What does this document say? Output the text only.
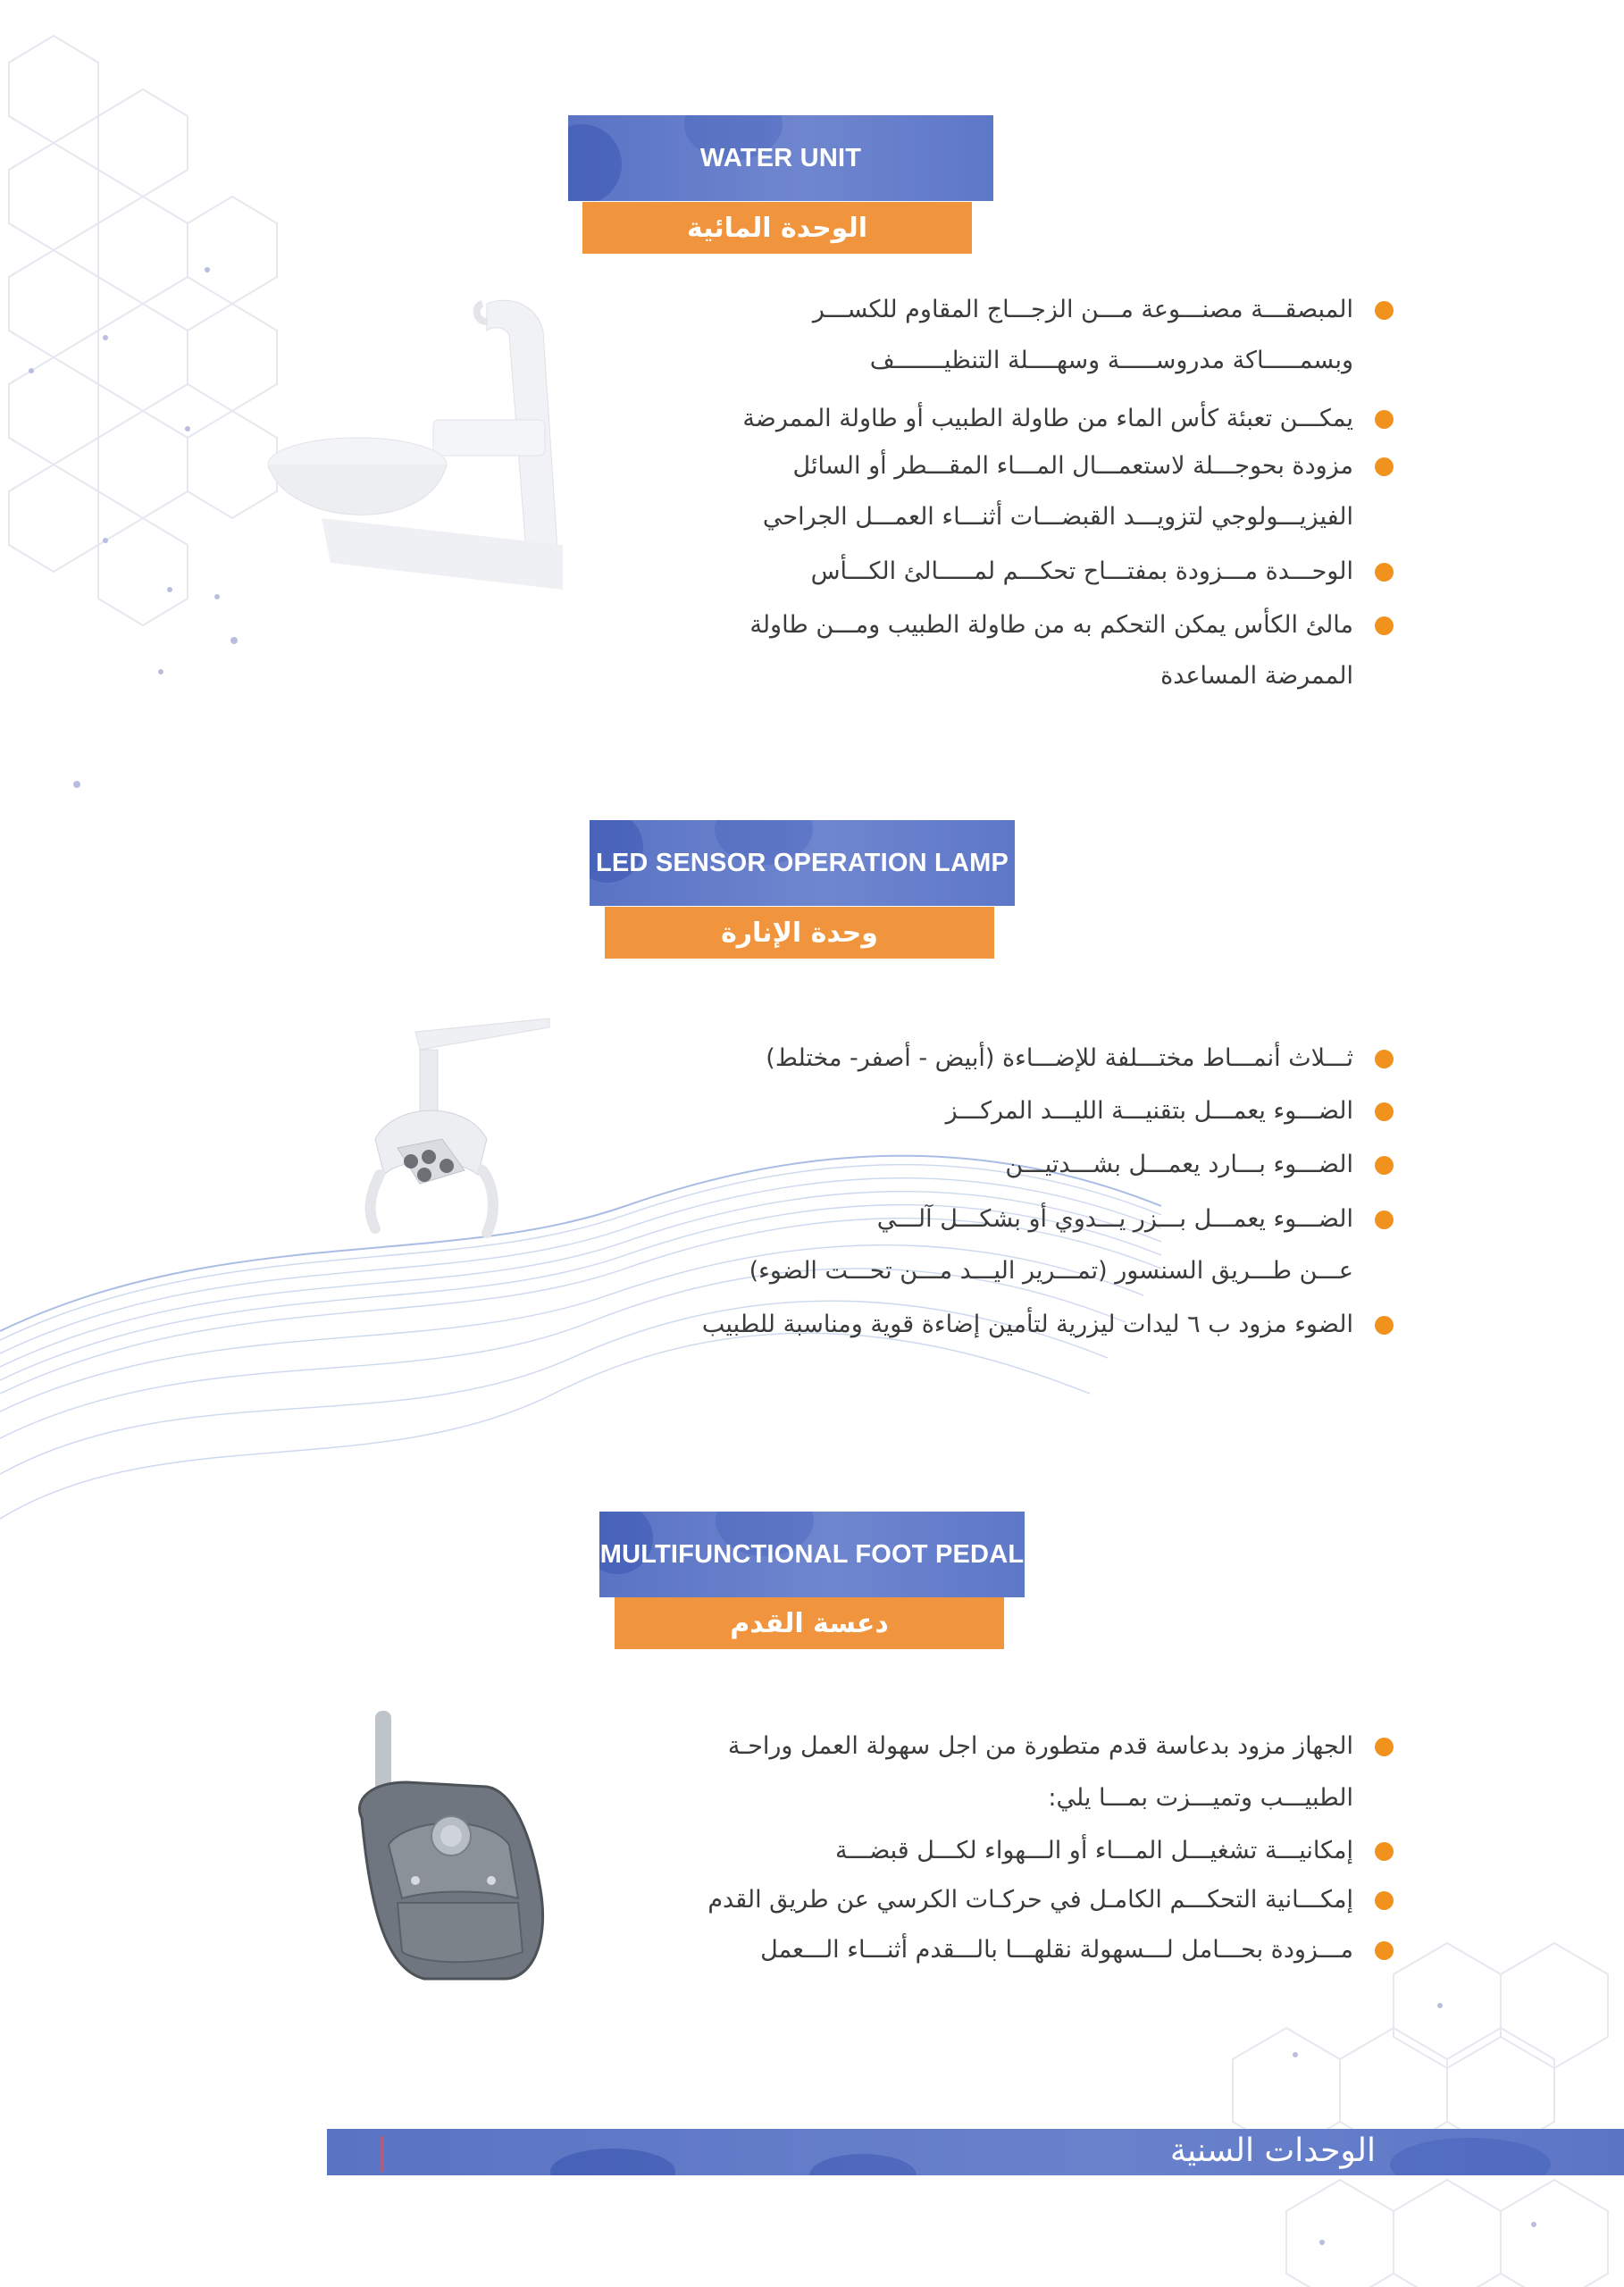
WATER UNIT
الوحدة المائية
المبصقـــة مصنـــوعة مـــن الزجـــاج المقاوم للكســـر
وبسمـــــاكة مدروســـــة وسهــــلة التنظيـــــــف
يمكـــن تعبئة كأس الماء من طاولة الطبيب أو طاولة الممرضة
مزودة بحوجـــلة لاستعمـــال المـــاء المقـــطر أو السائل
الفيزيـــولوجي لتزويـــد القبضـــات أثنـــاء العمـــل الجراحي
الوحـــدة مـــزودة بمفتـــاح تحكـــم لمـــــالئ الكـــأس
مالئ الكأس يمكن التحكم به من طاولة الطبيب ومـــن طاولة
الممرضة المساعدة
LED SENSOR OPERATION LAMP
وحدة الإنارة
ثـــلاث أنمـــاط مختـــلفة للإضـــاءة (أبيض - أصفر- مختلط)
الضـــوء يعمـــل بتقنيـــة الليـــد المركـــز
الضـــوء بـــارد يعمـــل بشـــدتيـــن
الضـــوء يعمـــل بـــزر يـــدوي أو بشكـــل آلـــي
عـــن طـــريق السنسور (تمـــرير اليـــد مـــن تحـــت الضوء)
الضوء مزود ب ٦ ليدات ليزرية لتأمين إضاءة قوية ومناسبة للطبيب
MULTIFUNCTIONAL FOOT PEDAL
دعسة القدم
الجهاز مزود بدعاسة قدم متطورة من اجل سهولة العمل وراحـة
الطبيـــب وتميـــزت بمـــا يلي:
إمكانيـــة تشغيـــل المـــاء أو الـــهواء لكـــل قبضـــة
إمكـــانية التحكـــم الكامـل في حركـات الكرسي عن طريق القدم
مـــزودة بحـــامل لـــسهولة نقلهـــا بالـــقدم أثنـــاء الـــعمل
الوحدات السنية
